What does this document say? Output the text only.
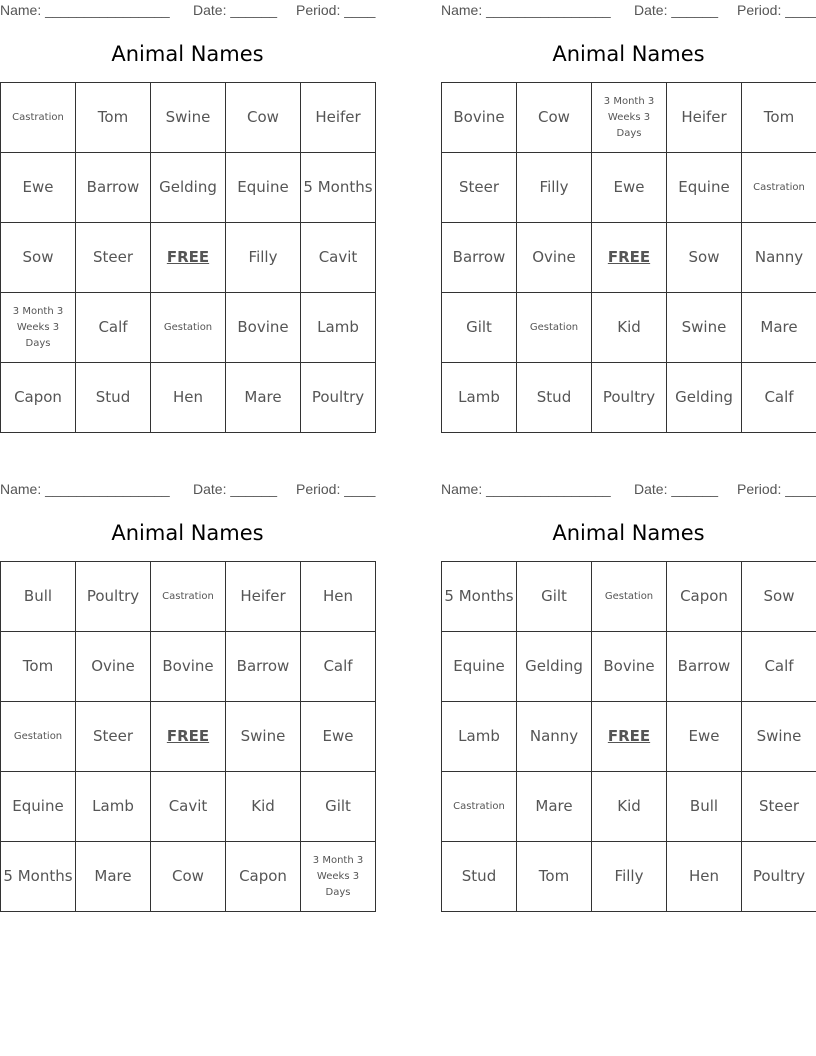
Name: ________________ Date: ______ Period: ____
Animal Names
Castration	Tom	Swine	Cow	Heifer
Ewe	Barrow	Gelding	Equine	5 Months
Sow	Steer	FREE	Filly	Cavit
3 Month 3 Weeks 3 Days	Calf	Gestation	Bovine	Lamb
Capon	Stud	Hen	Mare	Poultry
Name: ________________ Date: ______ Period: ____
Animal Names
Bovine	Cow	3 Month 3 Weeks 3 Days	Heifer	Tom
Steer	Filly	Ewe	Equine	Castration
Barrow	Ovine	FREE	Sow	Nanny
Gilt	Gestation	Kid	Swine	Mare
Lamb	Stud	Poultry	Gelding	Calf
Name: ________________ Date: ______ Period: ____
Animal Names
Bull	Poultry	Castration	Heifer	Hen
Tom	Ovine	Bovine	Barrow	Calf
Gestation	Steer	FREE	Swine	Ewe
Equine	Lamb	Cavit	Kid	Gilt
5 Months	Mare	Cow	Capon	3 Month 3 Weeks 3 Days
Name: ________________ Date: ______ Period: ____
Animal Names
5 Months	Gilt	Gestation	Capon	Sow
Equine	Gelding	Bovine	Barrow	Calf
Lamb	Nanny	FREE	Ewe	Swine
Castration	Mare	Kid	Bull	Steer
Stud	Tom	Filly	Hen	Poultry
